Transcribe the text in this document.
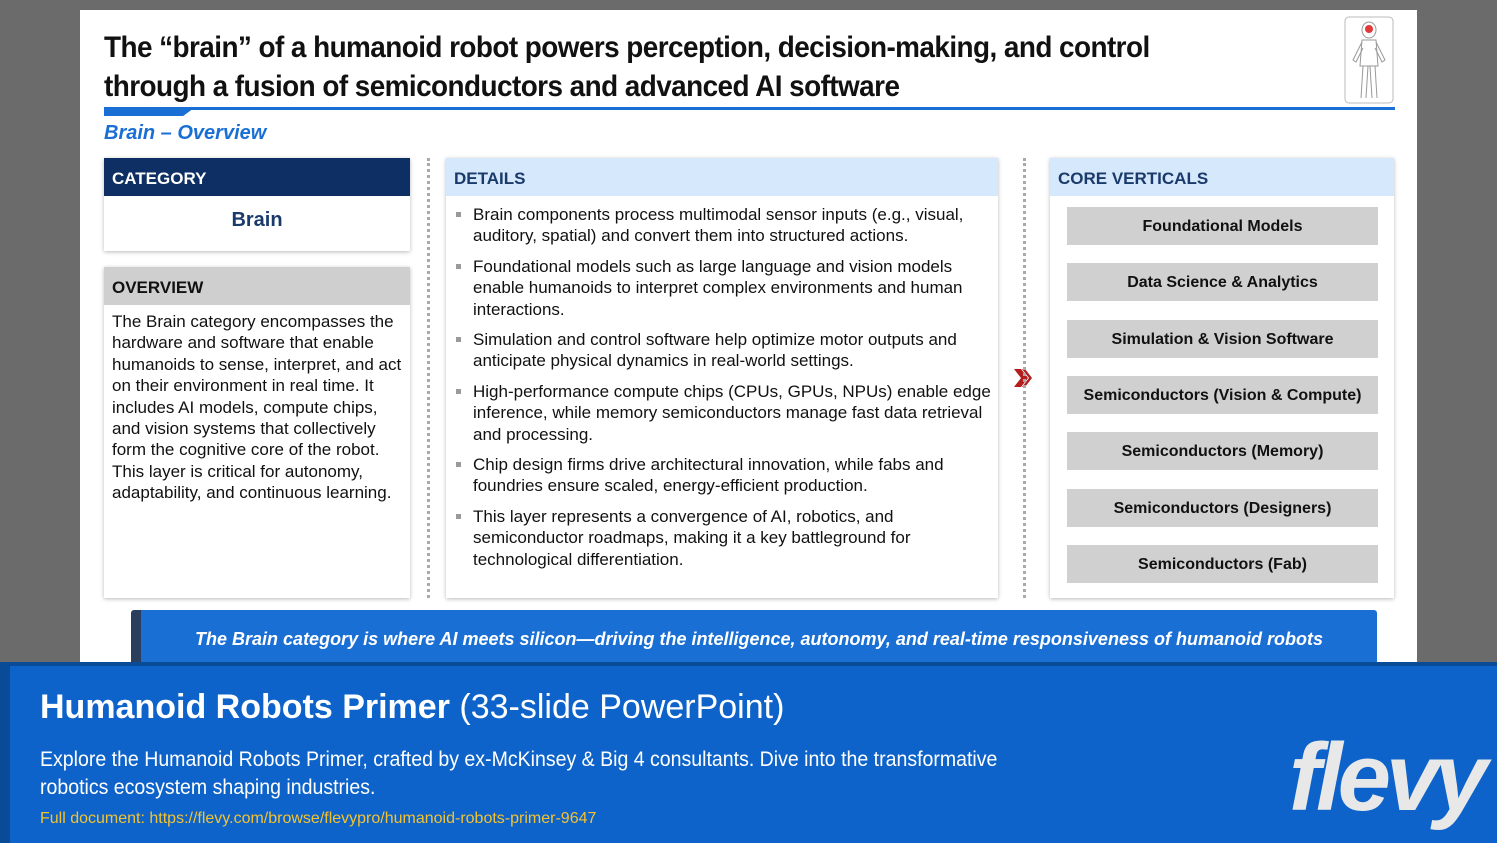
The “brain” of a humanoid robot powers perception, decision-making, and control through a fusion of semiconductors and advanced AI software
Brain – Overview
CATEGORY
Brain
OVERVIEW
The Brain category encompasses the hardware and software that enable humanoids to sense, interpret, and act on their environment in real time. It includes AI models, compute chips, and vision systems that collectively form the cognitive core of the robot. This layer is critical for autonomy, adaptability, and continuous learning.
DETAILS
Brain components process multimodal sensor inputs (e.g., visual, auditory, spatial) and convert them into structured actions.
Foundational models such as large language and vision models enable humanoids to interpret complex environments and human interactions.
Simulation and control software help optimize motor outputs and anticipate physical dynamics in real-world settings.
High-performance compute chips (CPUs, GPUs, NPUs) enable edge inference, while memory semiconductors manage fast data retrieval and processing.
Chip design firms drive architectural innovation, while fabs and foundries ensure scaled, energy-efficient production.
This layer represents a convergence of AI, robotics, and semiconductor roadmaps, making it a key battleground for technological differentiation.
CORE VERTICALS
Foundational Models
Data Science & Analytics
Simulation & Vision Software
Semiconductors (Vision & Compute)
Semiconductors (Memory)
Semiconductors (Designers)
Semiconductors (Fab)
The Brain category is where AI meets silicon—driving the intelligence, autonomy, and real-time responsiveness of humanoid robots
Humanoid Robots Primer (33-slide PowerPoint)
Explore the Humanoid Robots Primer, crafted by ex-McKinsey & Big 4 consultants. Dive into the transformative robotics ecosystem shaping industries.
Full document: https://flevy.com/browse/flevypro/humanoid-robots-primer-9647	flevy
